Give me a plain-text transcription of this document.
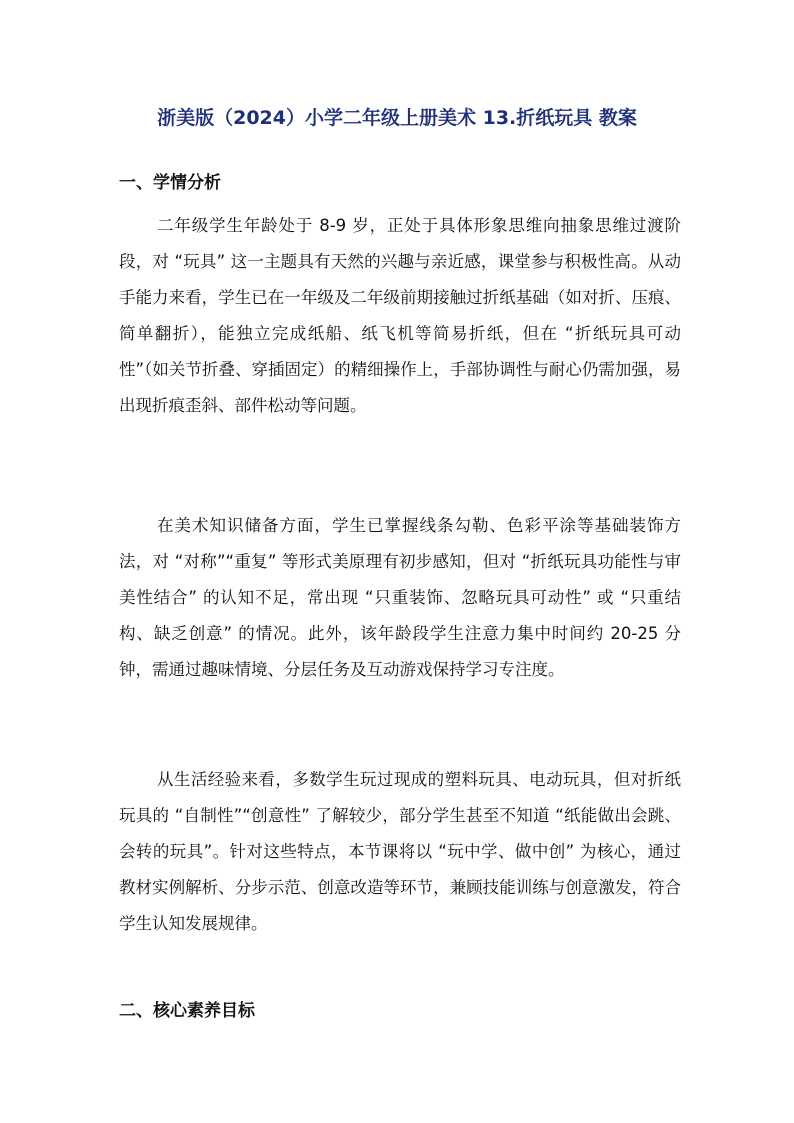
浙美版（2024）小学二年级上册美术 13.折纸玩具 教案
一、学情分析

二年级学生年龄处于 8-9 岁，正处于具体形象思维向抽象思维过渡阶段，对 “玩具” 这一主题具有天然的兴趣与亲近感，课堂参与积极性高。从动手能力来看，学生已在一年级及二年级前期接触过折纸基础（如对折、压痕、简单翻折），能独立完成纸船、纸飞机等简易折纸，但在 “折纸玩具可动性”（如关节折叠、穿插固定）的精细操作上，手部协调性与耐心仍需加强，易出现折痕歪斜、部件松动等问题。

在美术知识储备方面，学生已掌握线条勾勒、色彩平涂等基础装饰方法，对 “对称”“重复” 等形式美原理有初步感知，但对 “折纸玩具功能性与审美性结合” 的认知不足，常出现 “只重装饰、忽略玩具可动性” 或 “只重结构、缺乏创意” 的情况。此外，该年龄段学生注意力集中时间约 20-25 分钟，需通过趣味情境、分层任务及互动游戏保持学习专注度。

从生活经验来看，多数学生玩过现成的塑料玩具、电动玩具，但对折纸玩具的 “自制性”“创意性” 了解较少，部分学生甚至不知道 “纸能做出会跳、会转的玩具”。针对这些特点，本节课将以 “玩中学、做中创” 为核心，通过教材实例解析、分步示范、创意改造等环节，兼顾技能训练与创意激发，符合学生认知发展规律。

二、核心素养目标
